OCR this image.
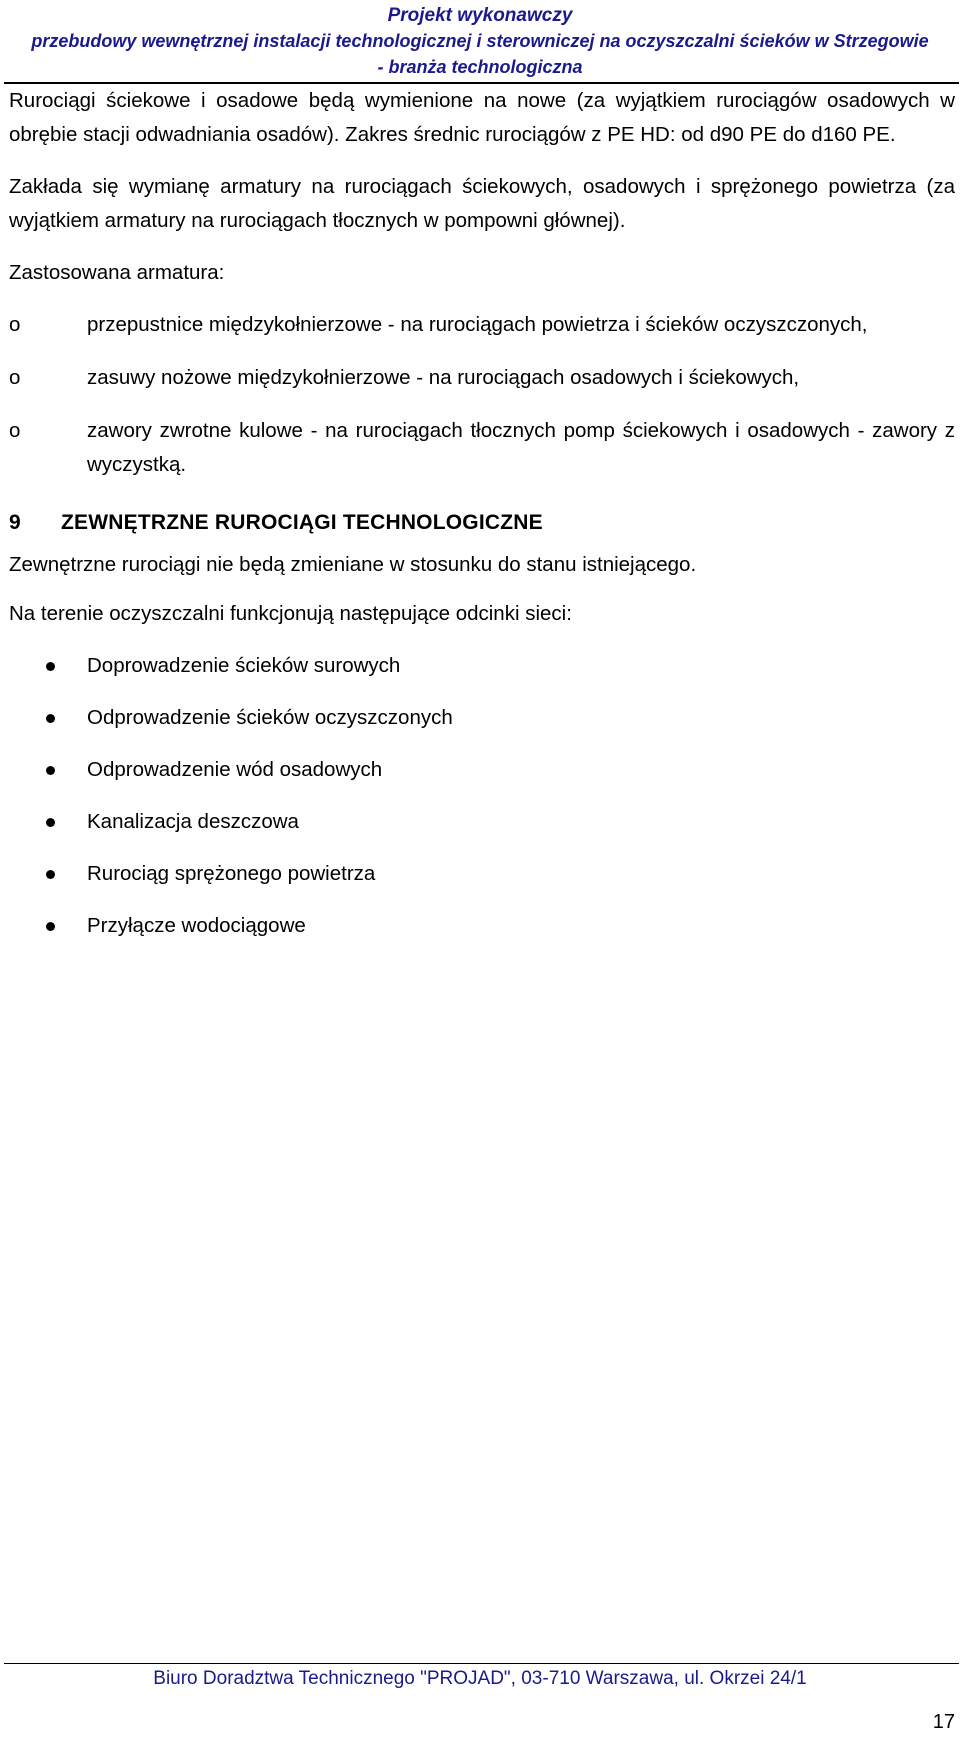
Projekt wykonawczy
przebudowy wewnętrznej instalacji technologicznej i sterowniczej na oczyszczalni ścieków w Strzegowie
- branża technologiczna

Rurociągi ściekowe i osadowe będą wymienione na nowe (za wyjątkiem rurociągów osadowych w obrębie stacji odwadniania osadów). Zakres średnic rurociągów z PE HD: od d90 PE do d160 PE.

Zakłada się wymianę armatury na rurociągach ściekowych, osadowych i sprężonego powietrza (za wyjątkiem armatury na rurociągach tłocznych w pompowni głównej).

Zastosowana armatura:

o	przepustnice międzykołnierzowe - na rurociągach powietrza i ścieków oczyszczonych,
o	zasuwy nożowe międzykołnierzowe - na rurociągach osadowych i ściekowych,
o	zawory zwrotne kulowe - na rurociągach tłocznych pomp ściekowych i osadowych - zawory z wyczystką.
9 ZEWNĘTRZNE RUROCIĄGI TECHNOLOGICZNE

Zewnętrzne rurociągi nie będą zmieniane w stosunku do stanu istniejącego.

Na terenie oczyszczalni funkcjonują następujące odcinki sieci:

Doprowadzenie ścieków surowych
Odprowadzenie ścieków oczyszczonych
Odprowadzenie wód osadowych
Kanalizacja deszczowa
Rurociąg sprężonego powietrza
Przyłącze wodociągowe
Biuro Doradztwa Technicznego "PROJAD", 03-710 Warszawa, ul. Okrzei 24/1
17
